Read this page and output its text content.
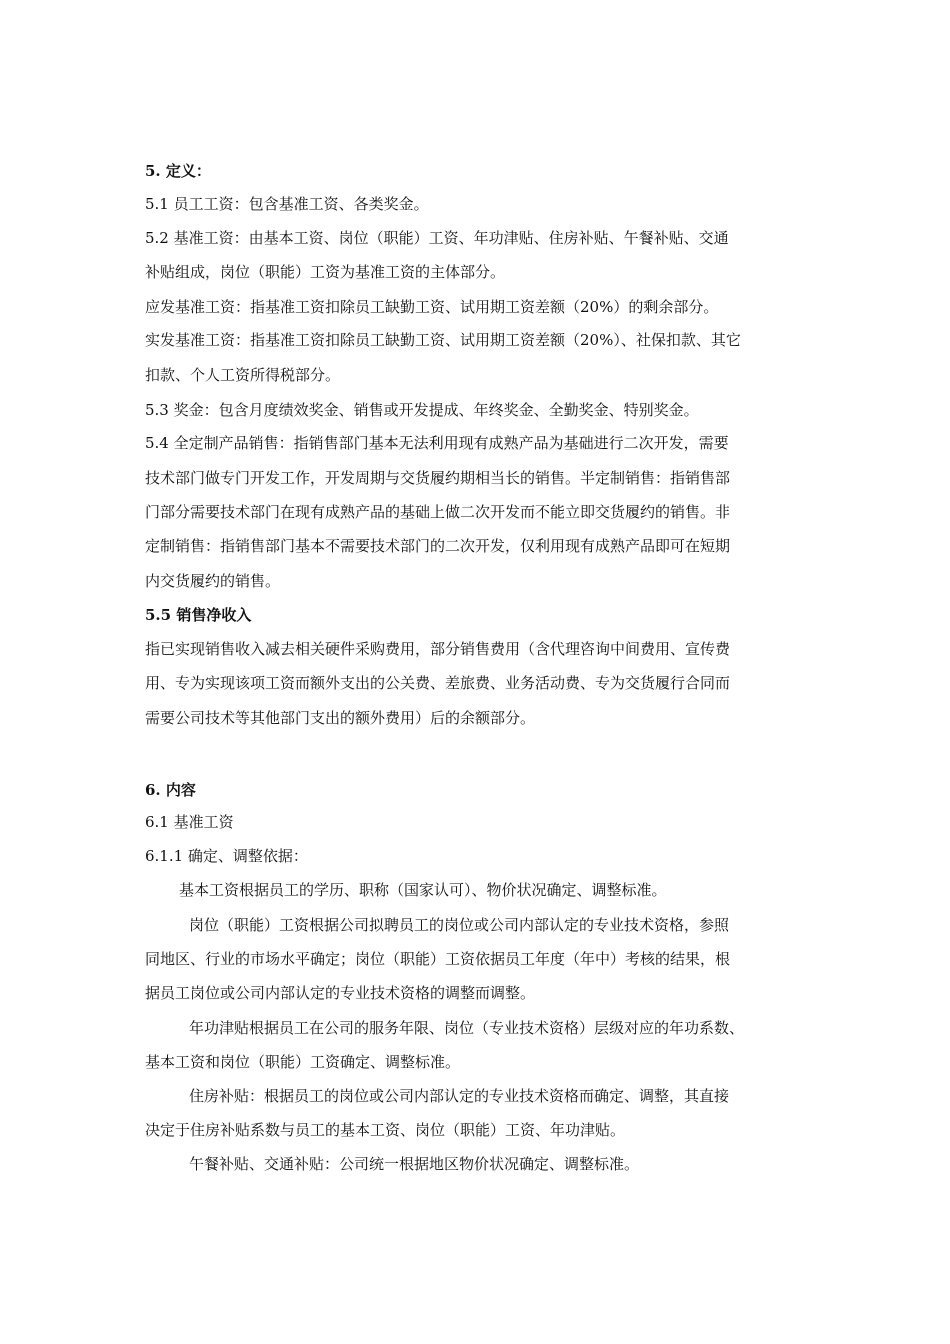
5. 定义：
5.1 员工工资：包含基准工资、各类奖金。
5.2 基准工资：由基本工资、岗位（职能）工资、年功津贴、住房补贴、午餐补贴、交通
补贴组成，岗位（职能）工资为基准工资的主体部分。
应发基准工资：指基准工资扣除员工缺勤工资、试用期工资差额（20%）的剩余部分。
实发基准工资：指基准工资扣除员工缺勤工资、试用期工资差额（20%）、社保扣款、其它
扣款、个人工资所得税部分。
5.3 奖金：包含月度绩效奖金、销售或开发提成、年终奖金、全勤奖金、特别奖金。
5.4 全定制产品销售：指销售部门基本无法利用现有成熟产品为基础进行二次开发，需要
技术部门做专门开发工作，开发周期与交货履约期相当长的销售。半定制销售：指销售部
门部分需要技术部门在现有成熟产品的基础上做二次开发而不能立即交货履约的销售。非
定制销售：指销售部门基本不需要技术部门的二次开发，仅利用现有成熟产品即可在短期
内交货履约的销售。
5.5 销售净收入
指已实现销售收入减去相关硬件采购费用，部分销售费用（含代理咨询中间费用、宣传费
用、专为实现该项工资而额外支出的公关费、差旅费、业务活动费、专为交货履行合同而
需要公司技术等其他部门支出的额外费用）后的余额部分。
6. 内容
6.1 基准工资
6.1.1 确定、调整依据：
基本工资根据员工的学历、职称（国家认可）、物价状况确定、调整标准。
岗位（职能）工资根据公司拟聘员工的岗位或公司内部认定的专业技术资格，参照
同地区、行业的市场水平确定；岗位（职能）工资依据员工年度（年中）考核的结果，根
据员工岗位或公司内部认定的专业技术资格的调整而调整。
年功津贴根据员工在公司的服务年限、岗位（专业技术资格）层级对应的年功系数、
基本工资和岗位（职能）工资确定、调整标准。
住房补贴：根据员工的岗位或公司内部认定的专业技术资格而确定、调整，其直接
决定于住房补贴系数与员工的基本工资、岗位（职能）工资、年功津贴。
午餐补贴、交通补贴：公司统一根据地区物价状况确定、调整标准。
